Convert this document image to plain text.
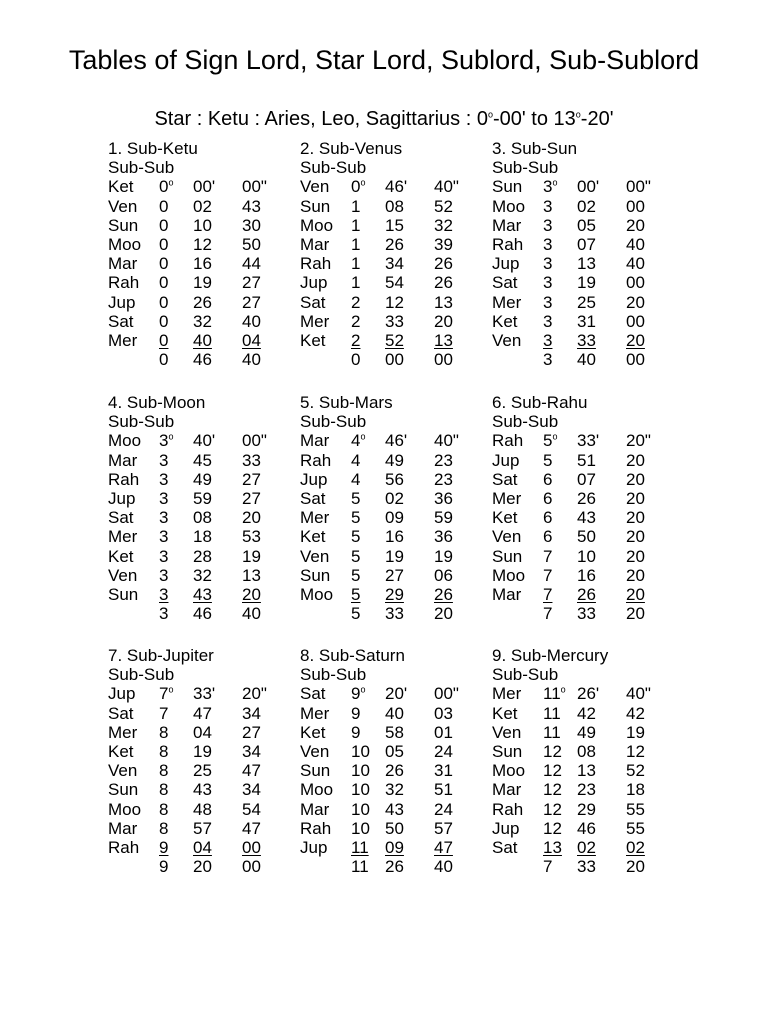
Tables of Sign Lord, Star Lord, Sublord, Sub-Sublord
Star : Ketu : Aries, Leo, Sagittarius : 0$^o$-00' to 13$^o$-20'
1. Sub-Ketu
Sub-Sub
Ket 0$^o$ 00' 00"
Ven 0 02 43
Sun 0 10 30
Moo 0 12 50
Mar 0 16 44
Rah 0 19 27
Jup 0 26 27
Sat 0 32 40
Mer 0 40 04
0 46 40
2. Sub-Venus
Sub-Sub
Ven 0$^o$ 46' 40"
Sun 1 08 52
Moo 1 15 32
Mar 1 26 39
Rah 1 34 26
Jup 1 54 26
Sat 2 12 13
Mer 2 33 20
Ket 2 52 13
0 00 00
3. Sub-Sun
Sub-Sub
Sun 3$^o$ 00' 00"
Moo 3 02 00
Mar 3 05 20
Rah 3 07 40
Jup 3 13 40
Sat 3 19 00
Mer 3 25 20
Ket 3 31 00
Ven 3 33 20
3 40 00
4. Sub-Moon
Sub-Sub
Moo 3$^o$ 40' 00"
Mar 3 45 33
Rah 3 49 27
Jup 3 59 27
Sat 3 08 20
Mer 3 18 53
Ket 3 28 19
Ven 3 32 13
Sun 3 43 20
3 46 40
5. Sub-Mars
Sub-Sub
Mar 4$^o$ 46' 40"
Rah 4 49 23
Jup 4 56 23
Sat 5 02 36
Mer 5 09 59
Ket 5 16 36
Ven 5 19 19
Sun 5 27 06
Moo 5 29 26
5 33 20
6. Sub-Rahu
Sub-Sub
Rah 5$^o$ 33' 20"
Jup 5 51 20
Sat 6 07 20
Mer 6 26 20
Ket 6 43 20
Ven 6 50 20
Sun 7 10 20
Moo 7 16 20
Mar 7 26 20
7 33 20
7. Sub-Jupiter
Sub-Sub
Jup 7$^o$ 33' 20"
Sat 7 47 34
Mer 8 04 27
Ket 8 19 34
Ven 8 25 47
Sun 8 43 34
Moo 8 48 54
Mar 8 57 47
Rah 9 04 00
9 20 00
8. Sub-Saturn
Sub-Sub
Sat 9$^o$ 20' 00"
Mer 9 40 03
Ket 9 58 01
Ven 10 05 24
Sun 10 26 31
Moo 10 32 51
Mar 10 43 24
Rah 10 50 57
Jup 11 09 47
11 26 40
9. Sub-Mercury
Sub-Sub
Mer 11$^o$ 26' 40"
Ket 11 42 42
Ven 11 49 19
Sun 12 08 12
Moo 12 13 52
Mar 12 23 18
Rah 12 29 55
Jup 12 46 55
Sat 13 02 02
7 33 20
